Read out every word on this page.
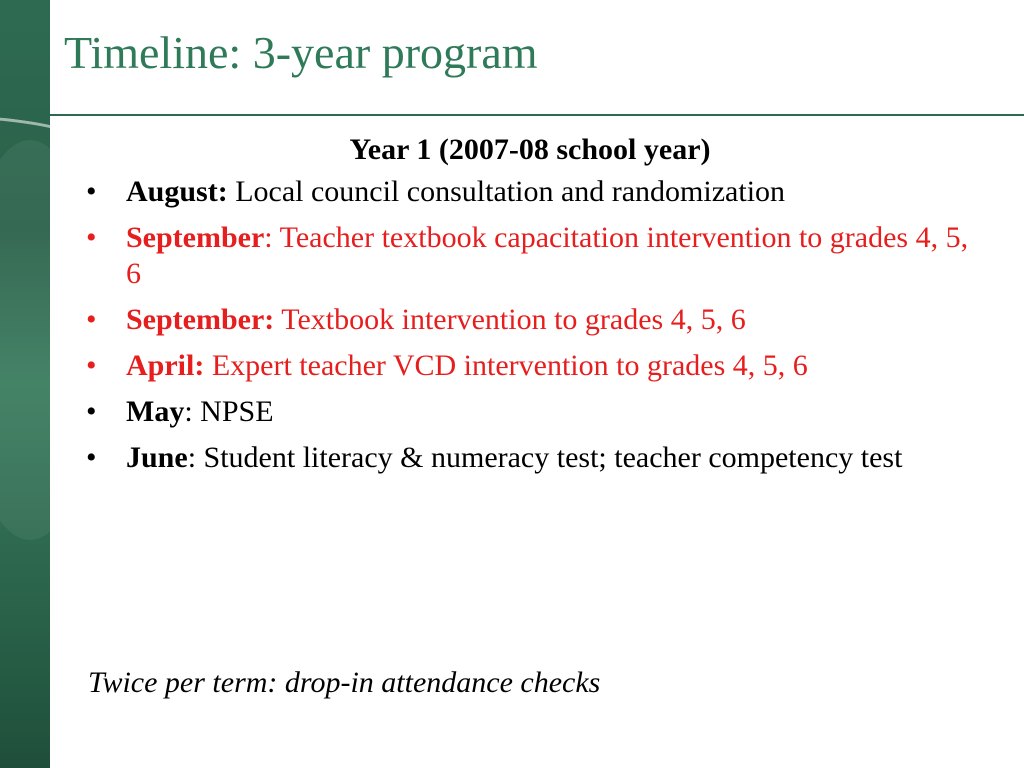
Timeline: 3-year program
Year 1 (2007-08 school year)
• August: Local council consultation and randomization
• September: Teacher textbook capacitation intervention to grades 4, 5, 6
• September: Textbook intervention to grades 4, 5, 6
• April: Expert teacher VCD intervention to grades 4, 5, 6
• May: NPSE
• June: Student literacy & numeracy test; teacher competency test
Twice per term: drop-in attendance checks
